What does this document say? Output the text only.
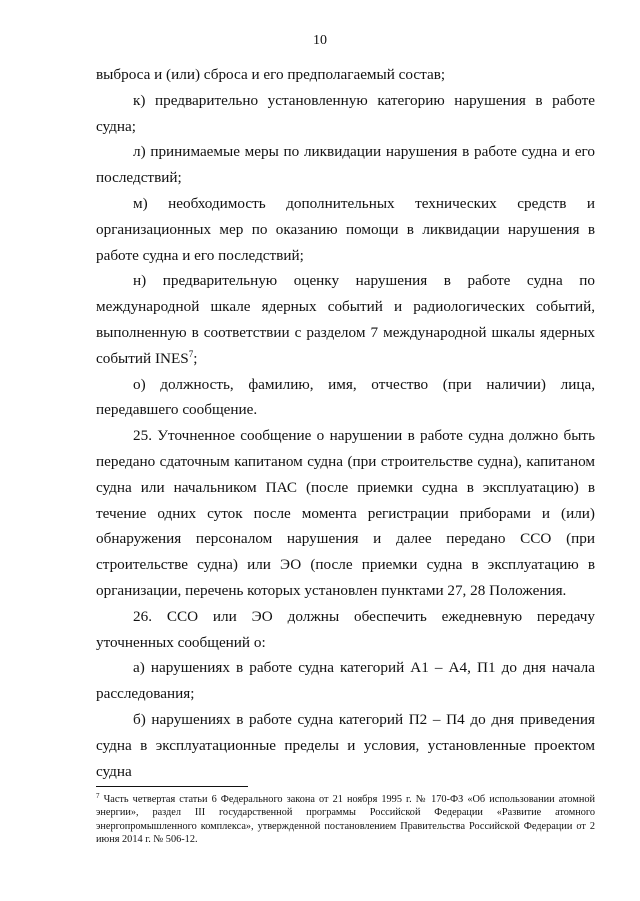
10

выброса и (или) сброса и его предполагаемый состав;

к) предварительно установленную категорию нарушения в работе судна;

л) принимаемые меры по ликвидации нарушения в работе судна и его последствий;

м) необходимость дополнительных технических средств и организационных мер по оказанию помощи в ликвидации нарушения в работе судна и его последствий;

н) предварительную оценку нарушения в работе судна по международной шкале ядерных событий и радиологических событий, выполненную в соответствии с разделом 7 международной шкалы ядерных событий INES$^7$;

о) должность, фамилию, имя, отчество (при наличии) лица, передавшего сообщение.

25. Уточненное сообщение о нарушении в работе судна должно быть передано сдаточным капитаном судна (при строительстве судна), капитаном судна или начальником ПАС (после приемки судна в эксплуатацию) в течение одних суток после момента регистрации приборами и (или) обнаружения персоналом нарушения и далее передано ССО (при строительстве судна) или ЭО (после приемки судна в эксплуатацию в организации, перечень которых установлен пунктами 27, 28 Положения.

26. ССО или ЭО должны обеспечить ежедневную передачу уточненных сообщений о:

а) нарушениях в работе судна категорий А1 – А4, П1 до дня начала расследования;

б) нарушениях в работе судна категорий П2 – П4 до дня приведения судна в эксплуатационные пределы и условия, установленные проектом судна

$^7$ Часть четвертая статьи 6 Федерального закона от 21 ноября 1995 г. № 170-ФЗ «Об использовании атомной энергии», раздел III государственной программы Российской Федерации «Развитие атомного энергопромышленного комплекса», утвержденной постановлением Правительства Российской Федерации от 2 июня 2014 г. № 506-12.
